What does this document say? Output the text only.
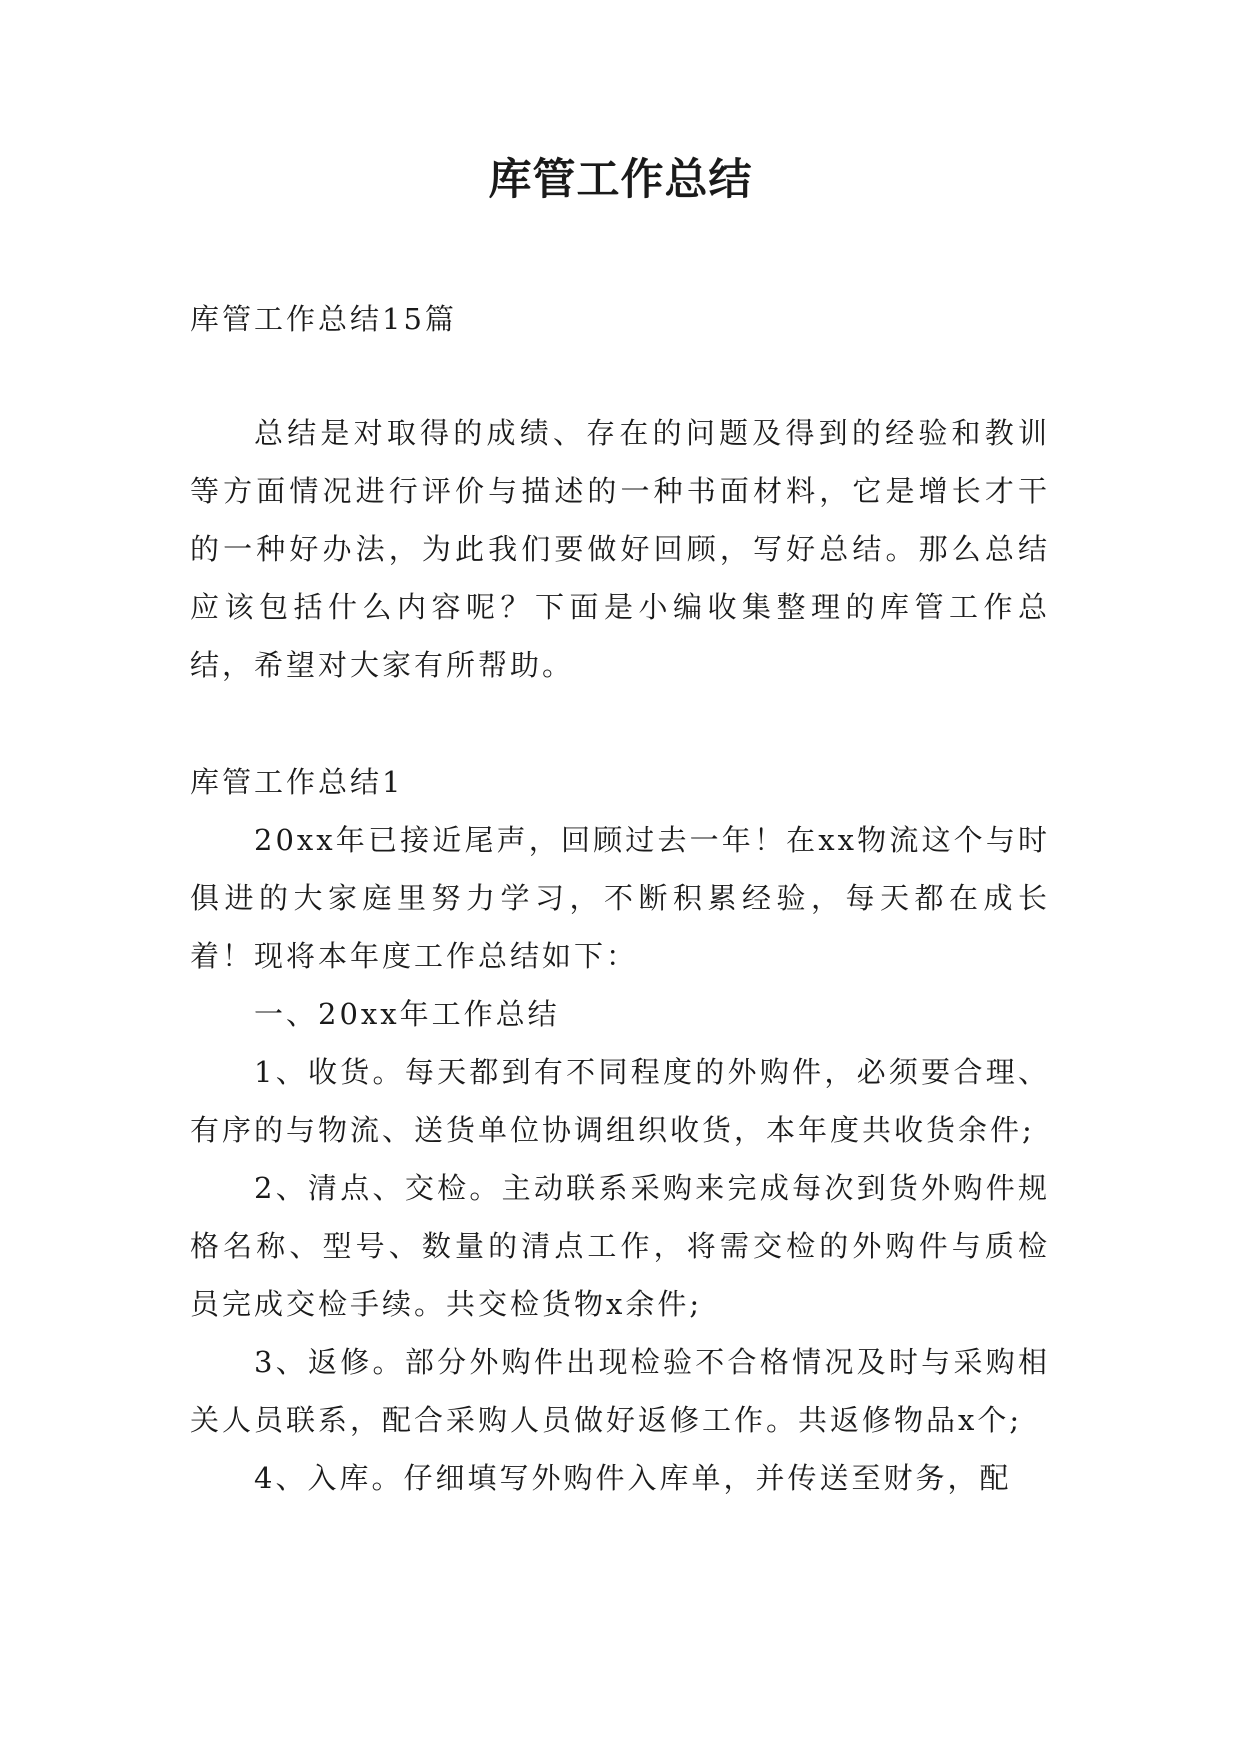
库管工作总结
库管工作总结15篇

总结是对取得的成绩、存在的问题及得到的经验和教训等方面情况进行评价与描述的一种书面材料，它是增长才干的一种好办法，为此我们要做好回顾，写好总结。那么总结应该包括什么内容呢？下面是小编收集整理的库管工作总结，希望对大家有所帮助。

库管工作总结1

20xx年已接近尾声，回顾过去一年！在xx物流这个与时俱进的大家庭里努力学习，不断积累经验，每天都在成长着！现将本年度工作总结如下：

一、20xx年工作总结

1、收货。每天都到有不同程度的外购件，必须要合理、有序的与物流、送货单位协调组织收货，本年度共收货余件;

2、清点、交检。主动联系采购来完成每次到货外购件规格名称、型号、数量的清点工作，将需交检的外购件与质检员完成交检手续。共交检货物x余件;

3、返修。部分外购件出现检验不合格情况及时与采购相关人员联系，配合采购人员做好返修工作。共返修物品x个;

4、入库。仔细填写外购件入库单，并传送至财务，配
